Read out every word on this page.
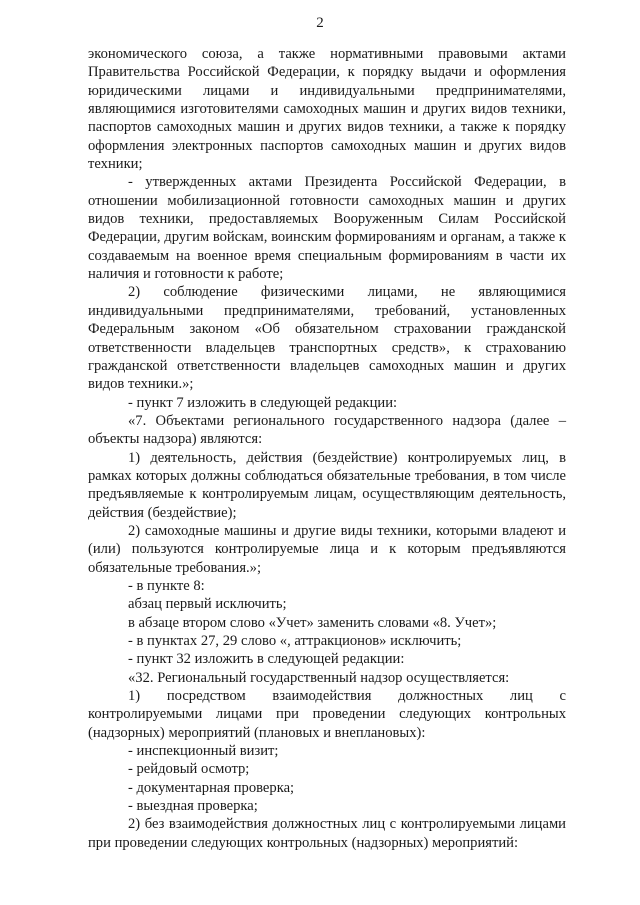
2

экономического союза, а также нормативными правовыми актами Правительства Российской Федерации, к порядку выдачи и оформления юридическими лицами и индивидуальными предпринимателями, являющимися изготовителями самоходных машин и других видов техники, паспортов самоходных машин и других видов техники, а также к порядку оформления электронных паспортов самоходных машин и других видов техники;

- утвержденных актами Президента Российской Федерации, в отношении мобилизационной готовности самоходных машин и других видов техники, предоставляемых Вооруженным Силам Российской Федерации, другим войскам, воинским формированиям и органам, а также к создаваемым на военное время специальным формированиям в части их наличия и готовности к работе;

2) соблюдение физическими лицами, не являющимися индивидуальными предпринимателями, требований, установленных Федеральным законом «Об обязательном страховании гражданской ответственности владельцев транспортных средств», к страхованию гражданской ответственности владельцев самоходных машин и других видов техники.»;

- пункт 7 изложить в следующей редакции:

«7. Объектами регионального государственного надзора (далее – объекты надзора) являются:

1) деятельность, действия (бездействие) контролируемых лиц, в рамках которых должны соблюдаться обязательные требования, в том числе предъявляемые к контролируемым лицам, осуществляющим деятельность, действия (бездействие);

2) самоходные машины и другие виды техники, которыми владеют и (или) пользуются контролируемые лица и к которым предъявляются обязательные требования.»;

- в пункте 8:

абзац первый исключить;

в абзаце втором слово «Учет» заменить словами «8. Учет»;

- в пунктах 27, 29 слово «, аттракционов» исключить;

- пункт 32 изложить в следующей редакции:

«32. Региональный государственный надзор осуществляется:

1) посредством взаимодействия должностных лиц с контролируемыми лицами при проведении следующих контрольных (надзорных) мероприятий (плановых и внеплановых):

- инспекционный визит;

- рейдовый осмотр;

- документарная проверка;

- выездная проверка;

2) без взаимодействия должностных лиц с контролируемыми лицами при проведении следующих контрольных (надзорных) мероприятий:
